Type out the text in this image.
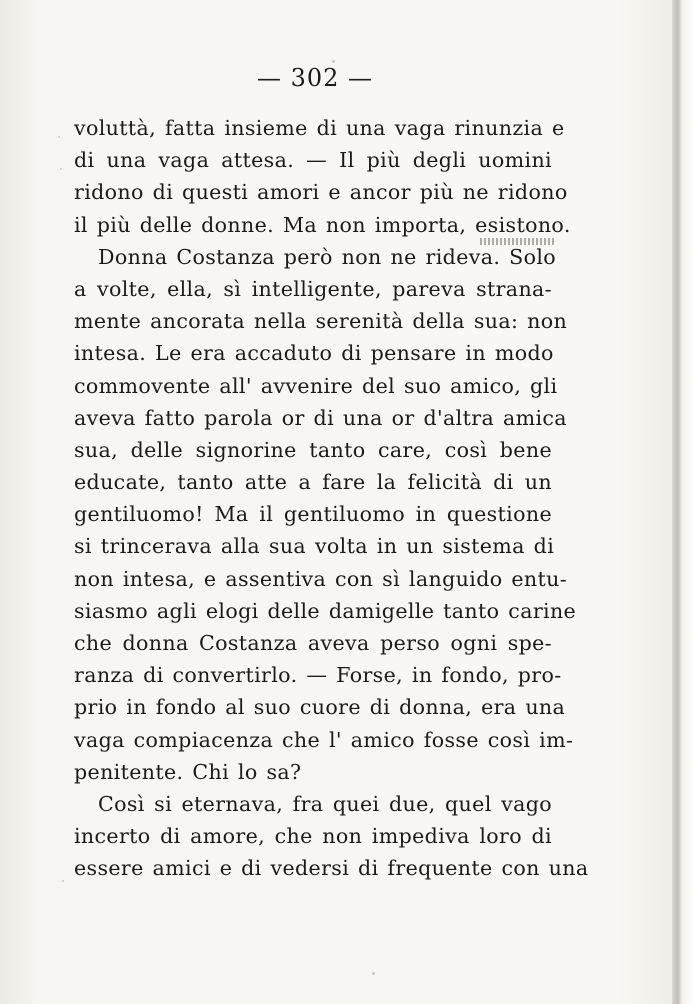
— 302 —
voluttà, fatta insieme di una vaga rinunzia e
di una vaga attesa. — Il più degli uomini
ridono di questi amori e ancor più ne ridono
il più delle donne. Ma non importa, esistono.
Donna Costanza però non ne rideva. Solo
a volte, ella, sì intelligente, pareva strana-
mente ancorata nella serenità della sua: non
intesa. Le era accaduto di pensare in modo
commovente all' avvenire del suo amico, gli
aveva fatto parola or di una or d'altra amica
sua, delle signorine tanto care, così bene
educate, tanto atte a fare la felicità di un
gentiluomo! Ma il gentiluomo in questione
si trincerava alla sua volta in un sistema di
non intesa, e assentiva con sì languido entu-
siasmo agli elogi delle damigelle tanto carine
che donna Costanza aveva perso ogni spe-
ranza di convertirlo. — Forse, in fondo, pro-
prio in fondo al suo cuore di donna, era una
vaga compiacenza che l' amico fosse così im-
penitente. Chi lo sa?
Così si eternava, fra quei due, quel vago
incerto di amore, che non impediva loro di
essere amici e di vedersi di frequente con una
